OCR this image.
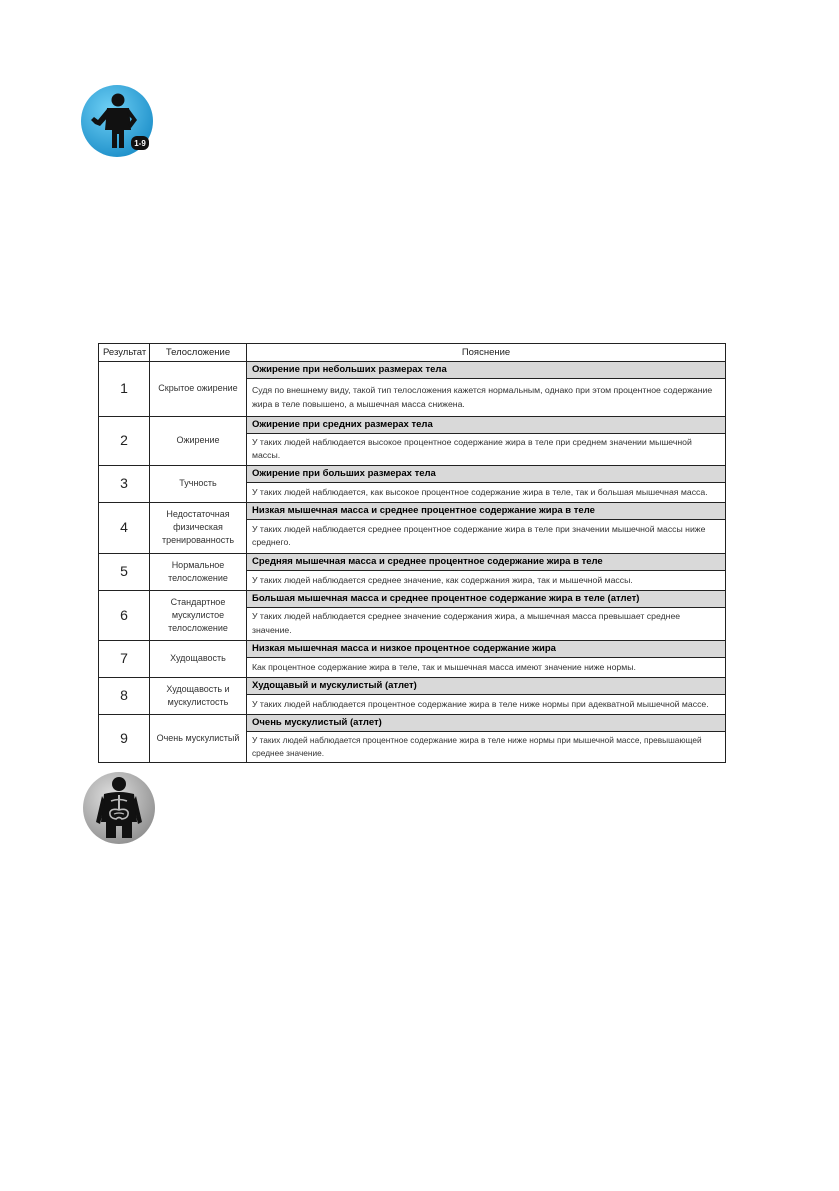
1-9
Результат	Телосложение	Пояснение
1	Скрытое ожирение	Ожирение при небольших размерах тела
		Судя по внешнему виду, такой тип телосложения кажется нормальным, однако при этом процентное содержание жира в теле повышено, а мышечная масса снижена.
2	Ожирение	Ожирение при средних размерах тела
		У таких людей наблюдается высокое процентное содержание жира в теле при среднем значении мышечной массы.
3	Тучность	Ожирение при больших размерах тела
		У таких людей наблюдается, как высокое процентное содержание жира в теле, так и большая мышечная масса.
4	Недостаточная физическая тренированность	Низкая мышечная масса и среднее процентное содержание жира в теле
		У таких людей наблюдается среднее процентное содержание жира в теле при значении мышечной массы ниже среднего.
5	Нормальное телосложение	Средняя мышечная масса и среднее процентное содержание жира в теле
		У таких людей наблюдается среднее значение, как содержания жира, так и мышечной массы.
6	Стандартное мускулистое телосложение	Большая мышечная масса и среднее процентное содержание жира в теле (атлет)
		У таких людей наблюдается среднее значение содержания жира, а мышечная масса превышает среднее значение.
7	Худощавость	Низкая мышечная масса и низкое процентное содержание жира
		Как процентное содержание жира в теле, так и мышечная масса имеют значение ниже нормы.
8	Худощавость и мускулистость	Худощавый и мускулистый (атлет)
		У таких людей наблюдается процентное содержание жира в теле ниже нормы при адекватной мышечной массе.
9	Очень мускулистый	Очень мускулистый (атлет)
		У таких людей наблюдается процентное содержание жира в теле ниже нормы при мышечной массе, превышающей среднее значение.
